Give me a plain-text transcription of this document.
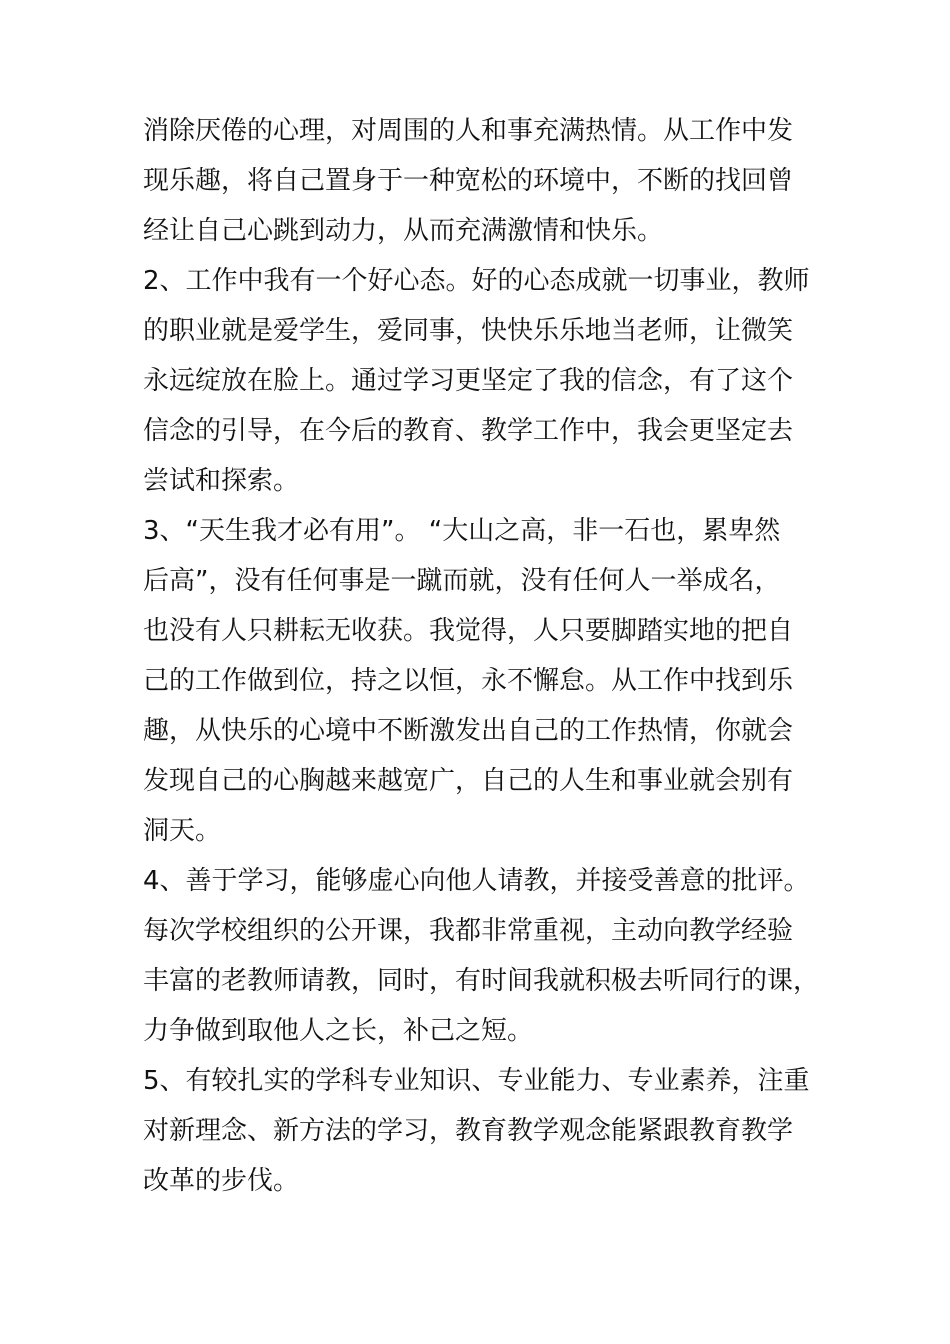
消除厌倦的心理，对周围的人和事充满热情。从工作中发
现乐趣，将自己置身于一种宽松的环境中，不断的找回曾
经让自己心跳到动力，从而充满激情和快乐。
2、工作中我有一个好心态。好的心态成就一切事业，教师
的职业就是爱学生，爱同事，快快乐乐地当老师，让微笑
永远绽放在脸上。通过学习更坚定了我的信念，有了这个
信念的引导，在今后的教育、教学工作中，我会更坚定去
尝试和探索。
3、“天生我才必有用”。 “大山之高，非一石也，累卑然
后高”，没有任何事是一蹴而就，没有任何人一举成名，
也没有人只耕耘无收获。我觉得，人只要脚踏实地的把自
己的工作做到位，持之以恒，永不懈怠。从工作中找到乐
趣，从快乐的心境中不断激发出自己的工作热情，你就会
发现自己的心胸越来越宽广，自己的人生和事业就会别有
洞天。
4、善于学习，能够虚心向他人请教，并接受善意的批评。
每次学校组织的公开课，我都非常重视，主动向教学经验
丰富的老教师请教，同时，有时间我就积极去听同行的课，
力争做到取他人之长，补己之短。
5、有较扎实的学科专业知识、专业能力、专业素养，注重
对新理念、新方法的学习，教育教学观念能紧跟教育教学
改革的步伐。
